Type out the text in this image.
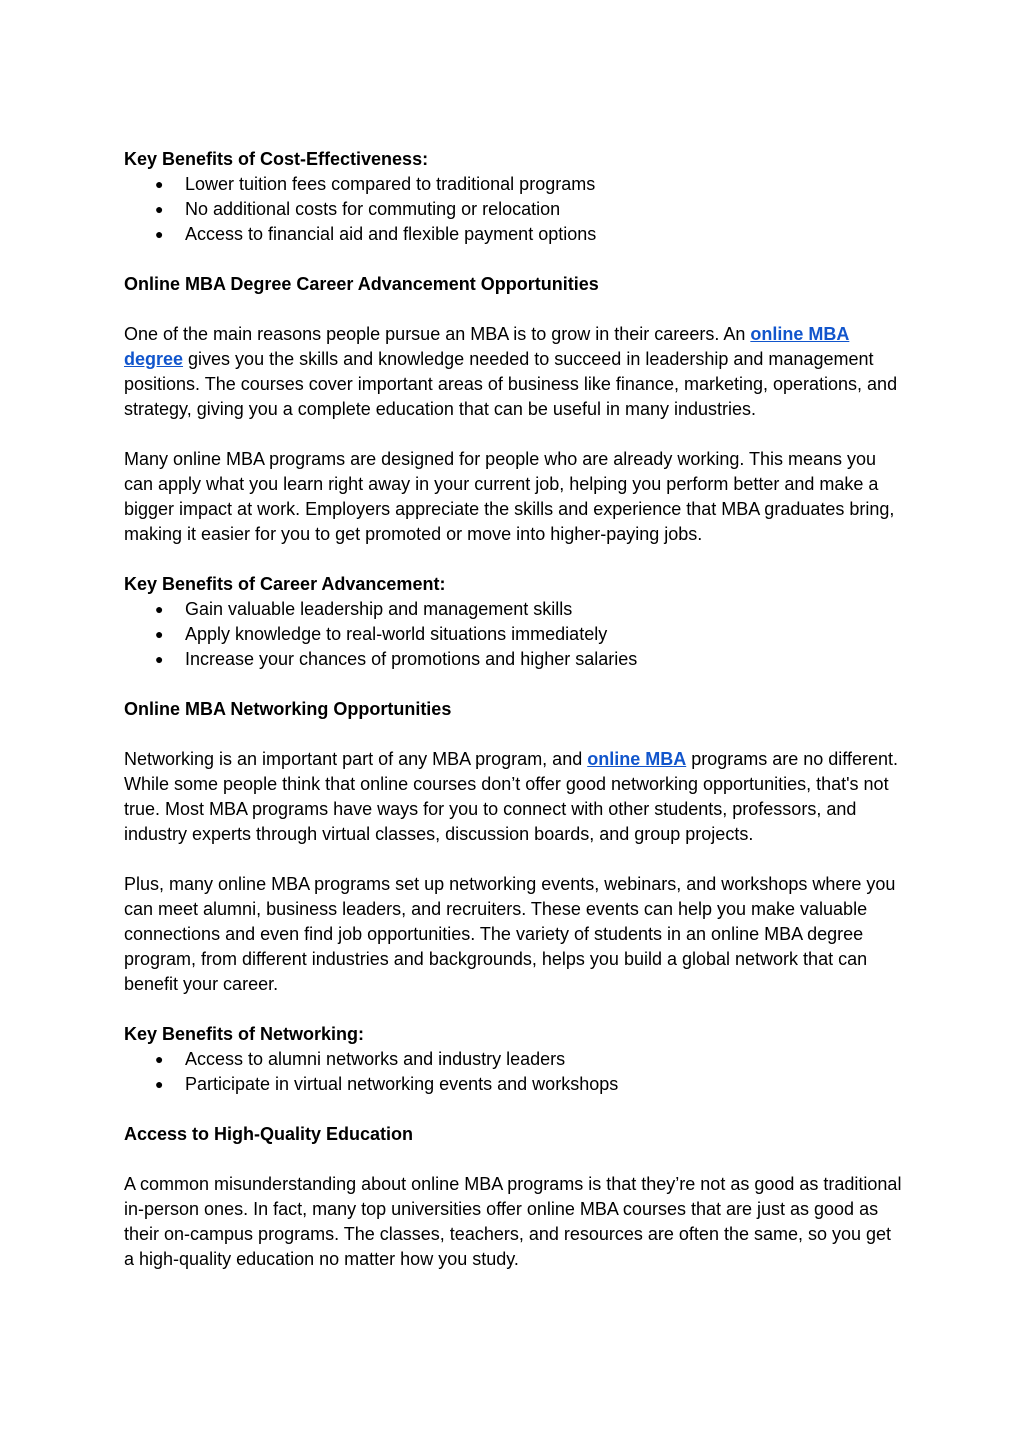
Key Benefits of Cost-Effectiveness:

● Lower tuition fees compared to traditional programs
● No additional costs for commuting or relocation
● Access to financial aid and flexible payment options

Online MBA Degree Career Advancement Opportunities

One of the main reasons people pursue an MBA is to grow in their careers. An online MBA degree gives you the skills and knowledge needed to succeed in leadership and management positions. The courses cover important areas of business like finance, marketing, operations, and strategy, giving you a complete education that can be useful in many industries.

Many online MBA programs are designed for people who are already working. This means you can apply what you learn right away in your current job, helping you perform better and make a bigger impact at work. Employers appreciate the skills and experience that MBA graduates bring, making it easier for you to get promoted or move into higher-paying jobs.

Key Benefits of Career Advancement:

● Gain valuable leadership and management skills
● Apply knowledge to real-world situations immediately
● Increase your chances of promotions and higher salaries

Online MBA Networking Opportunities

Networking is an important part of any MBA program, and online MBA programs are no different. While some people think that online courses don’t offer good networking opportunities, that's not true. Most MBA programs have ways for you to connect with other students, professors, and industry experts through virtual classes, discussion boards, and group projects.

Plus, many online MBA programs set up networking events, webinars, and workshops where you can meet alumni, business leaders, and recruiters. These events can help you make valuable connections and even find job opportunities. The variety of students in an online MBA degree program, from different industries and backgrounds, helps you build a global network that can benefit your career.

Key Benefits of Networking:

● Access to alumni networks and industry leaders
● Participate in virtual networking events and workshops

Access to High-Quality Education

A common misunderstanding about online MBA programs is that they’re not as good as traditional in-person ones. In fact, many top universities offer online MBA courses that are just as good as their on-campus programs. The classes, teachers, and resources are often the same, so you get a high-quality education no matter how you study.
